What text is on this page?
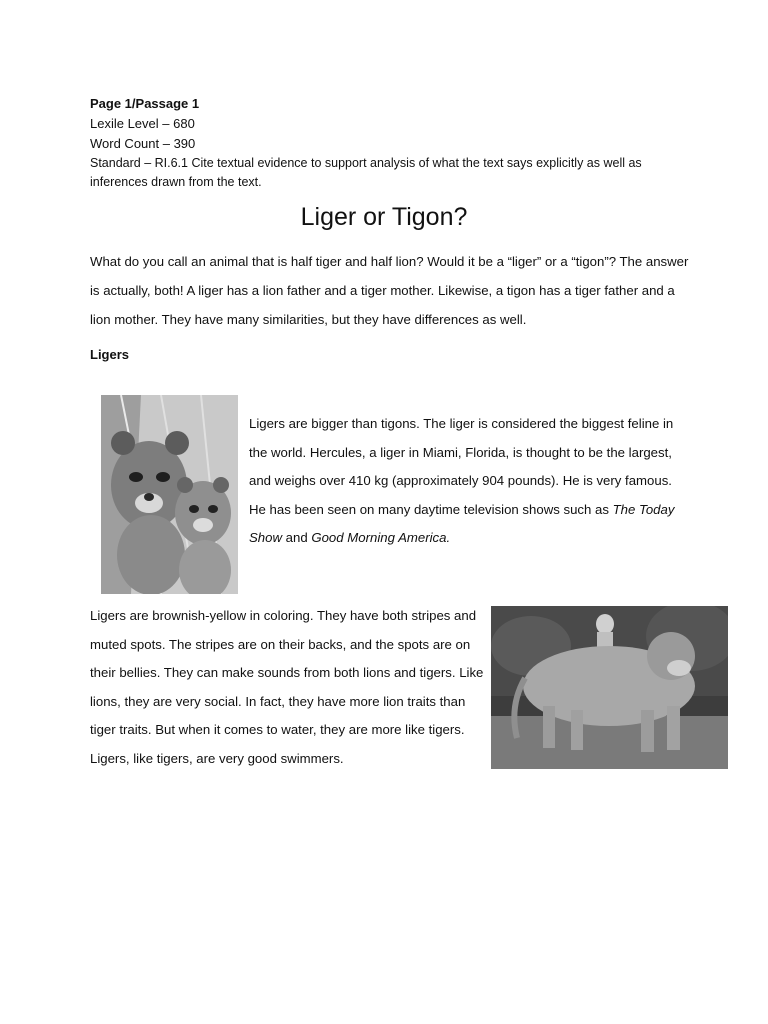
Page 1/Passage 1
Lexile Level – 680
Word Count – 390
Standard – RI.6.1 Cite textual evidence to support analysis of what the text says explicitly as well as inferences drawn from the text.
Liger or Tigon?
What do you call an animal that is half tiger and half lion? Would it be a “liger” or a “tigon”? The answer is actually, both! A liger has a lion father and a tiger mother. Likewise, a tigon has a tiger father and a lion mother. They have many similarities, but they have differences as well.
Ligers
Ligers are bigger than tigons. The liger is considered the biggest feline in the world. Hercules, a liger in Miami, Florida, is thought to be the largest, and weighs over 410 kg (approximately 904 pounds). He is very famous. He has been seen on many daytime television shows such as The Today Show and Good Morning America.
Ligers are brownish-yellow in coloring. They have both stripes and muted spots. The stripes are on their backs, and the spots are on their bellies. They can make sounds from both lions and tigers. Like lions, they are very social. In fact, they have more lion traits than tiger traits. But when it comes to water, they are more like tigers. Ligers, like tigers, are very good swimmers.
